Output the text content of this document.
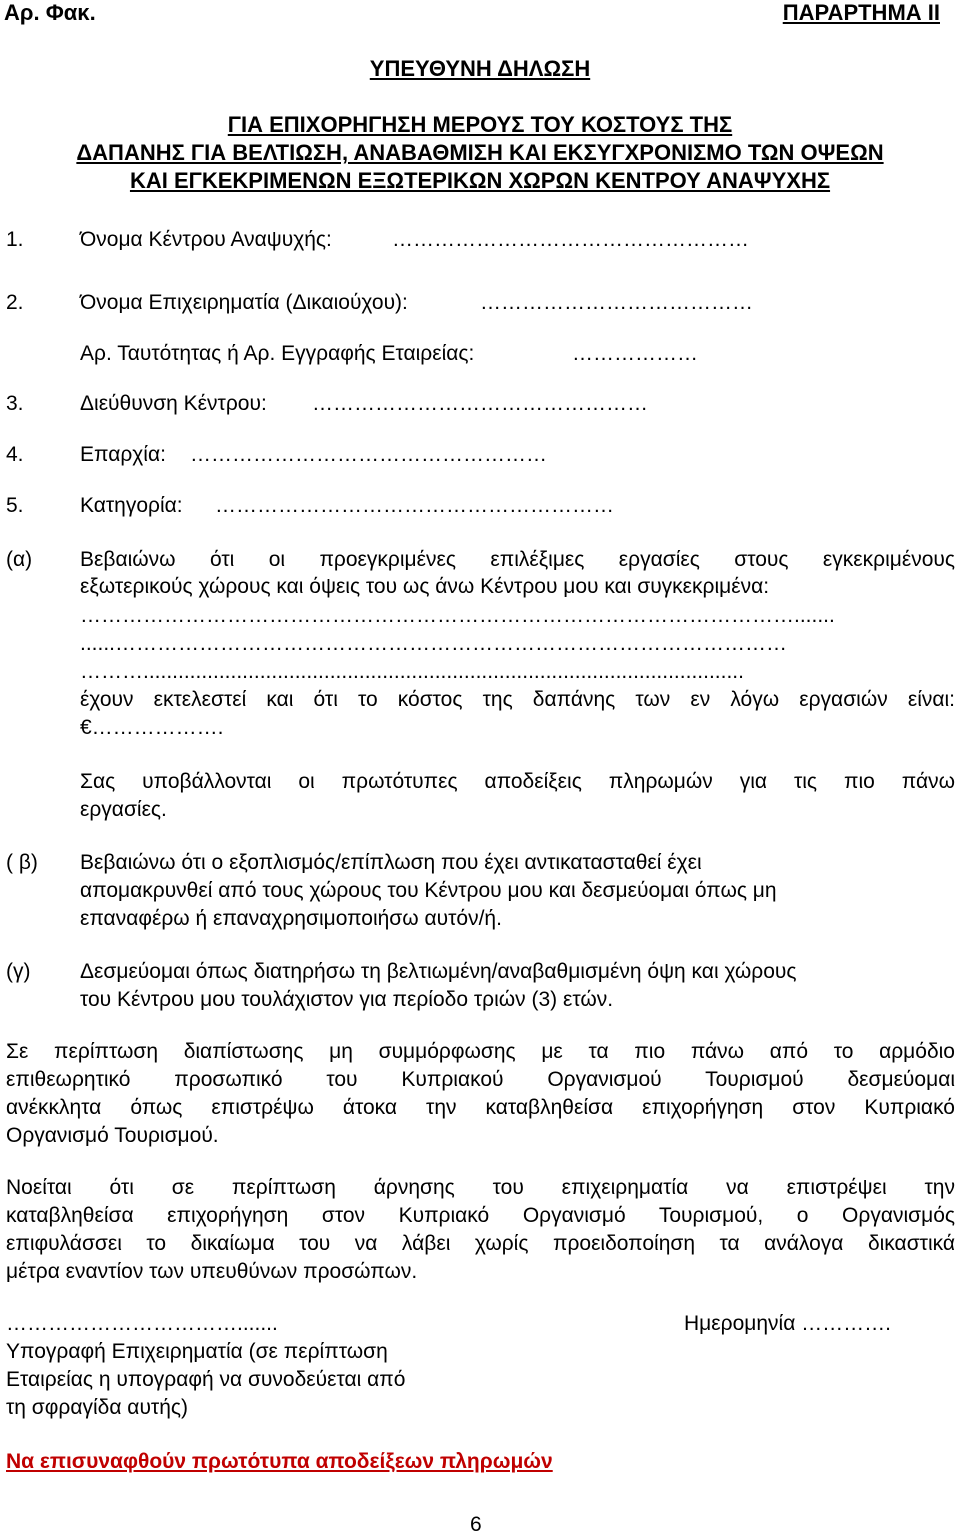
Αρ. Φακ.	ΠΑΡΑΡΤΗΜΑ ΙΙ
ΥΠΕΥΘΥΝΗ ΔΗΛΩΣΗ
ΓΙΑ ΕΠΙΧΟΡΗΓΗΣΗ ΜΕΡΟΥΣ ΤΟΥ ΚΟΣΤΟΥΣ ΤΗΣ
ΔΑΠΑΝΗΣ ΓΙΑ ΒΕΛΤΙΩΣΗ, ΑΝΑΒΑΘΜΙΣΗ ΚΑΙ ΕΚΣΥΓΧΡΟΝΙΣΜΟ ΤΩΝ ΟΨΕΩΝ
ΚΑΙ ΕΓΚΕΚΡΙΜΕΝΩΝ ΕΞΩΤΕΡΙΚΩΝ ΧΩΡΩΝ ΚΕΝΤΡΟΥ ΑΝΑΨΥΧΗΣ
1.	Όνομα Κέντρου Αναψυχής:	……………………………………………
2.	Όνομα Επιχειρηματία (Δικαιούχου):	…………………………………
Αρ. Ταυτότητας ή Αρ. Εγγραφής Εταιρείας:	………………
3.	Διεύθυνση Κέντρου: …………………………………………
4.	Επαρχία: ……………………………………………
5.	Κατηγορία: …………………………………………………
(α) Βεβαιώνω ότι οι προεγκριμένες επιλέξιμες εργασίες στους εγκεκριμένους
εξωτερικούς χώρους και όψεις του ως άνω Κέντρου μου και συγκεκριμένα:
………………………………………………………………………………………….......
......……………………………………………………………………………………
……….......................................................................................................
έχουν εκτελεστεί και ότι το κόστος της δαπάνης των εν λόγω εργασιών είναι:
€……………….
Σας υποβάλλονται οι πρωτότυπες αποδείξεις πληρωμών για τις πιο πάνω
εργασίες.
( β) Βεβαιώνω ότι ο εξοπλισμός/επίπλωση που έχει αντικατασταθεί έχει
απομακρυνθεί από τους χώρους του Κέντρου μου και δεσμεύομαι όπως μη
επαναφέρω ή επαναχρησιμοποιήσω αυτόν/ή.
(γ) Δεσμεύομαι όπως διατηρήσω τη βελτιωμένη/αναβαθμισμένη όψη και χώρους
του Κέντρου μου τουλάχιστον για περίοδο τριών (3) ετών.
Σε περίπτωση διαπίστωσης μη συμμόρφωσης με τα πιο πάνω από το αρμόδιο
επιθεωρητικό προσωπικό του Κυπριακού Οργανισμού Τουρισμού δεσμεύομαι
ανέκκλητα όπως επιστρέψω άτοκα την καταβληθείσα επιχορήγηση στον Κυπριακό
Οργανισμό Τουρισμού.
Νοείται ότι σε περίπτωση άρνησης του επιχειρηματία να επιστρέψει την
καταβληθείσα επιχορήγηση στον Κυπριακό Οργανισμό Τουρισμού, ο Οργανισμός
επιφυλάσσει το δικαίωμα του να λάβει χωρίς προειδοποίηση τα ανάλογα δικαστικά
μέτρα εναντίον των υπευθύνων προσώπων.
…………………………….......	Ημερομηνία ………….
Υπογραφή Επιχειρηματία (σε περίπτωση
Εταιρείας η υπογραφή να συνοδεύεται από
τη σφραγίδα αυτής)
Να επισυναφθούν πρωτότυπα αποδείξεων πληρωμών
6
